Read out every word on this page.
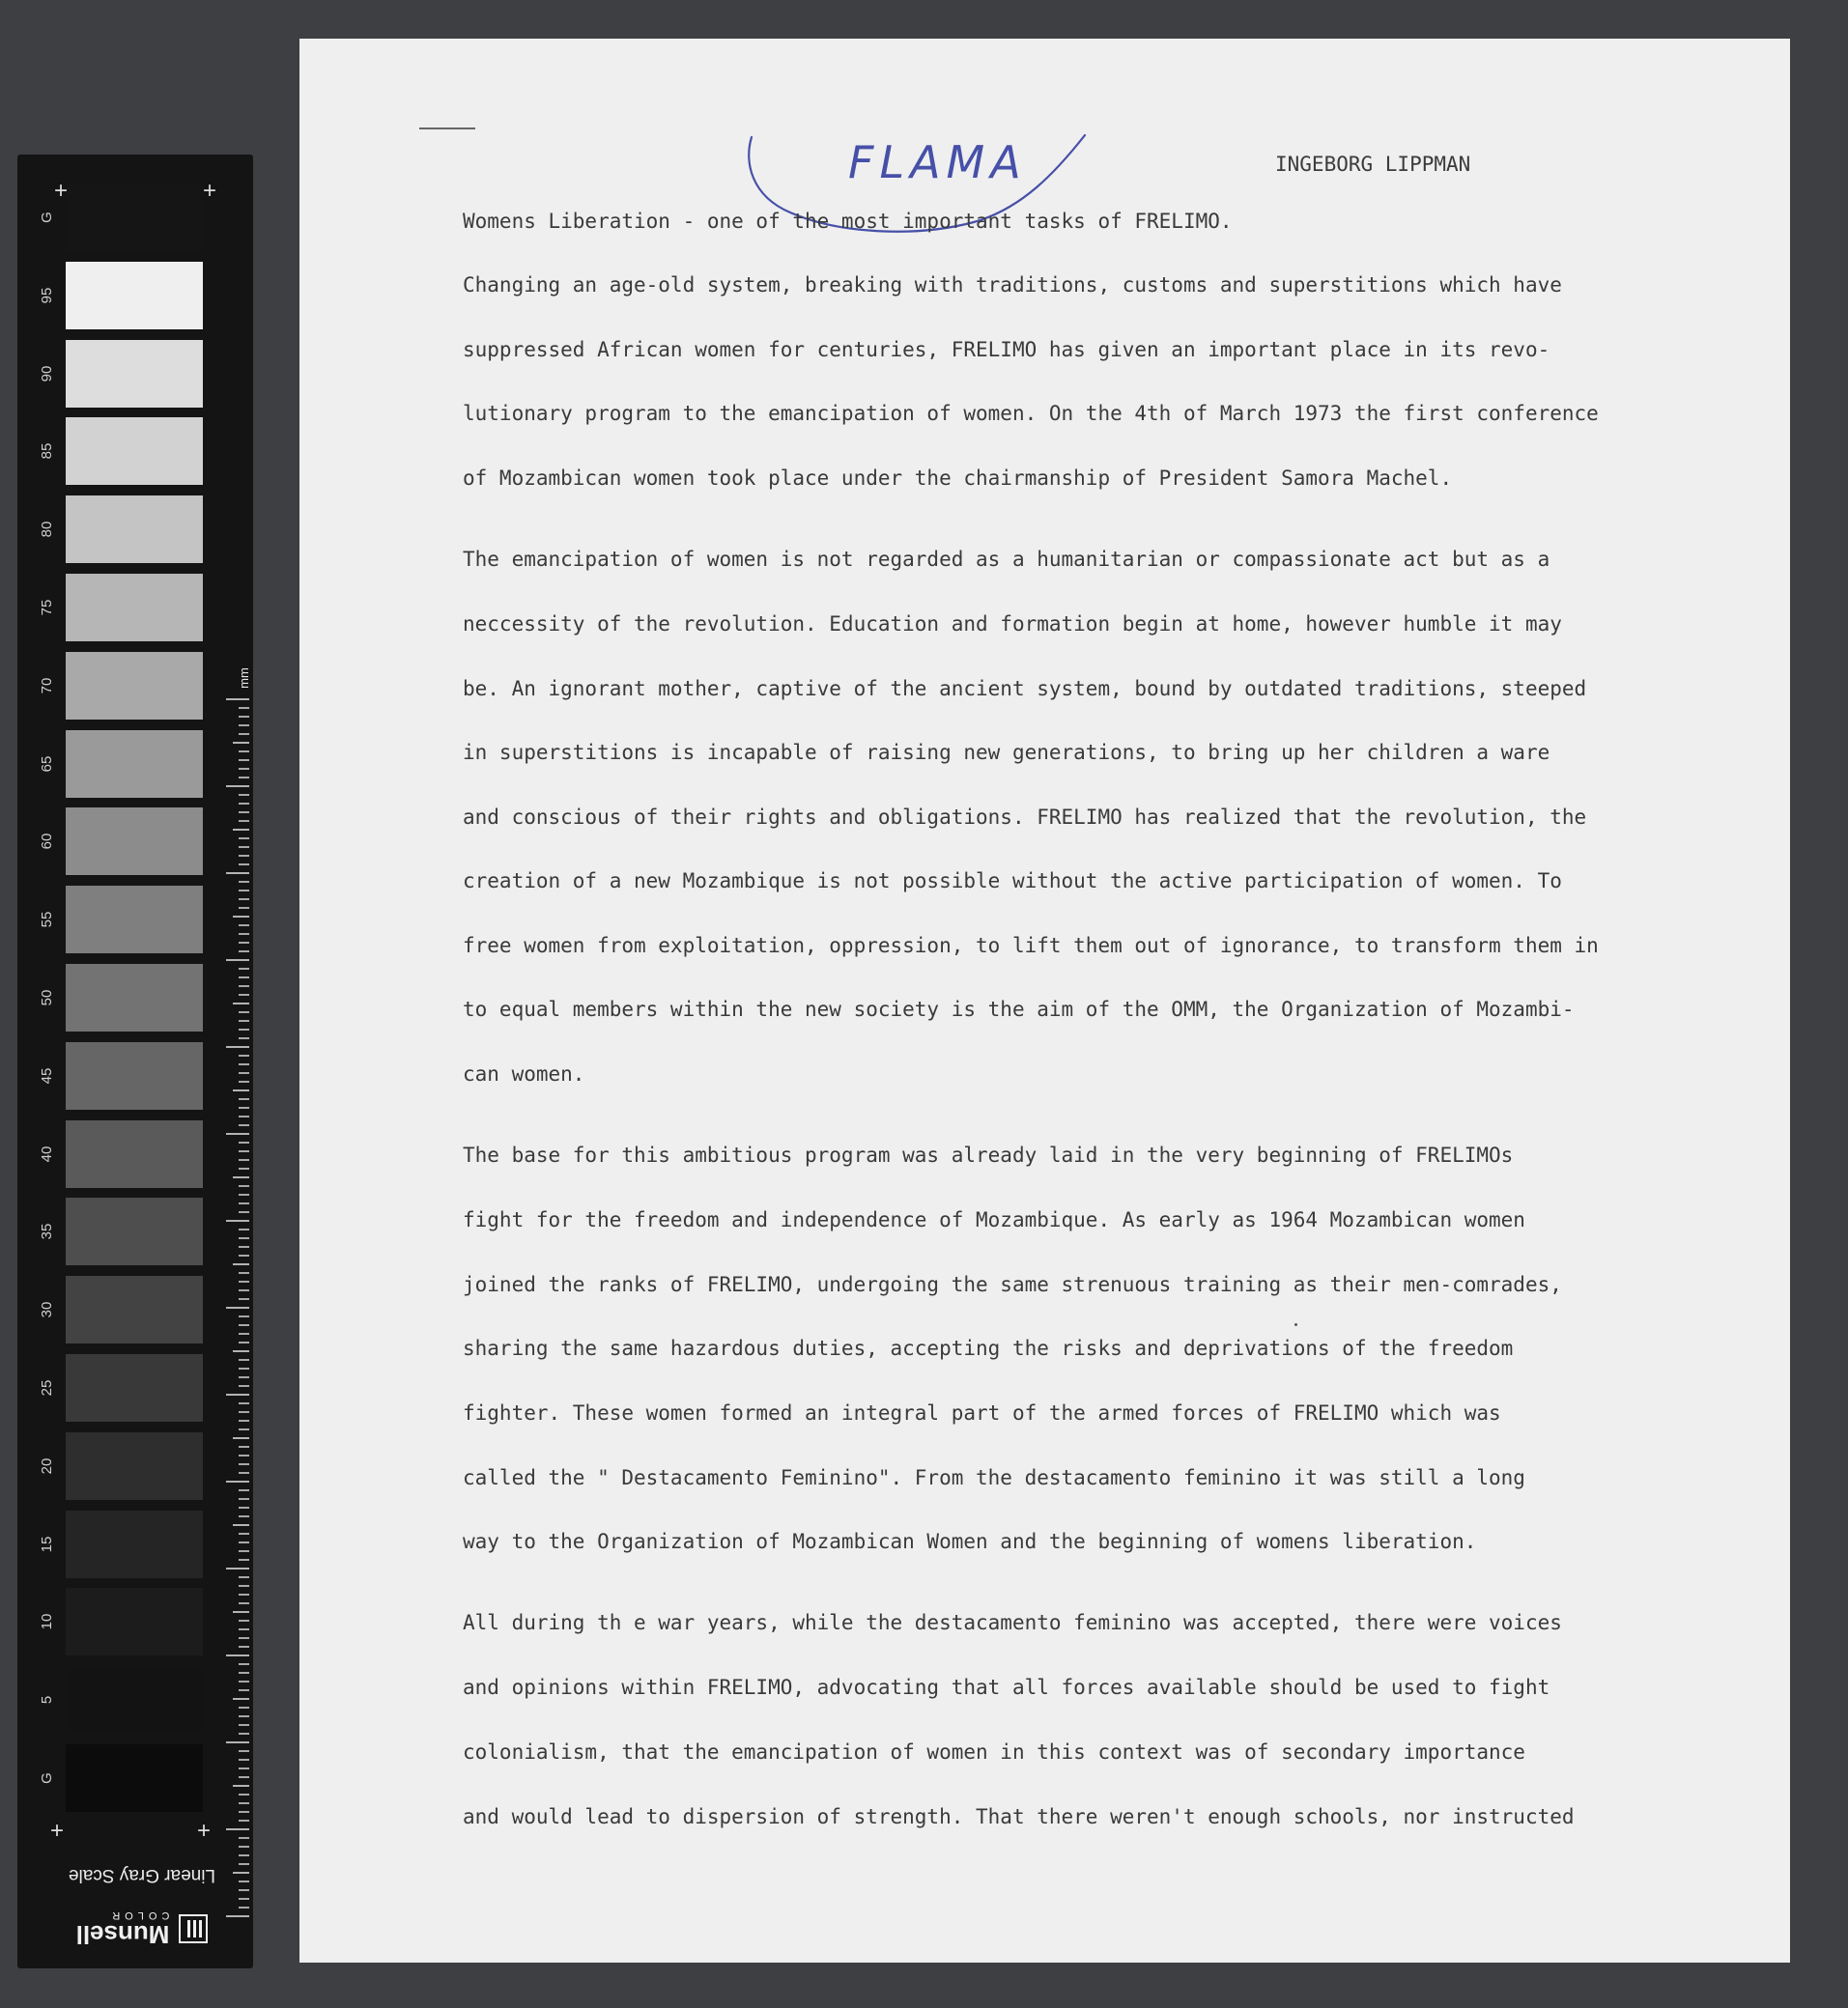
G
95
90
85
80
75
70
65
60
55
50
45
40
35
30
25
20
15
10
5
G
+	+
+	+
mm
Linear Gray Scale
Munsell
COLOR
FLAMA	INGEBORG LIPPMAN
Womens Liberation - one of the most important tasks of FRELIMO.
Changing an age-old system, breaking with traditions, customs and superstitions which have
suppressed African women for centuries, FRELIMO has given an important place in its revo-
lutionary program to the emancipation of women. On the 4th of March 1973 the first conference
of Mozambican women took place under the chairmanship of President Samora Machel.
The emancipation of women is not regarded as a humanitarian or compassionate act but as a
neccessity of the revolution. Education and formation begin at home, however humble it may
be. An ignorant mother, captive of the ancient system, bound by outdated traditions, steeped
in superstitions is incapable of raising new generations, to bring up her children a ware
and conscious of their rights and obligations. FRELIMO has realized that the revolution, the
creation of a new Mozambique is not possible without the active participation of women. To
free women from exploitation, oppression, to lift them out of ignorance, to transform them in
to equal members within the new society is the aim of the OMM, the Organization of Mozambi-
can women.
The base for this ambitious program was already laid in the very beginning of FRELIMOs
fight for the freedom and independence of Mozambique. As early as 1964 Mozambican women
joined the ranks of FRELIMO, undergoing the same strenuous training as their men-comrades,
sharing the same hazardous duties, accepting the risks and deprivations of the freedom
fighter. These women formed an integral part of the armed forces of FRELIMO which was
called the " Destacamento Feminino". From the destacamento feminino it was still a long
way to the Organization of Mozambican Women and the beginning of womens liberation.
All during th e war years, while the destacamento feminino was accepted, there were voices
and opinions within FRELIMO, advocating that all forces available should be used to fight
colonialism, that the emancipation of women in this context was of secondary importance
and would lead to dispersion of strength. That there weren't enough schools, nor instructed
